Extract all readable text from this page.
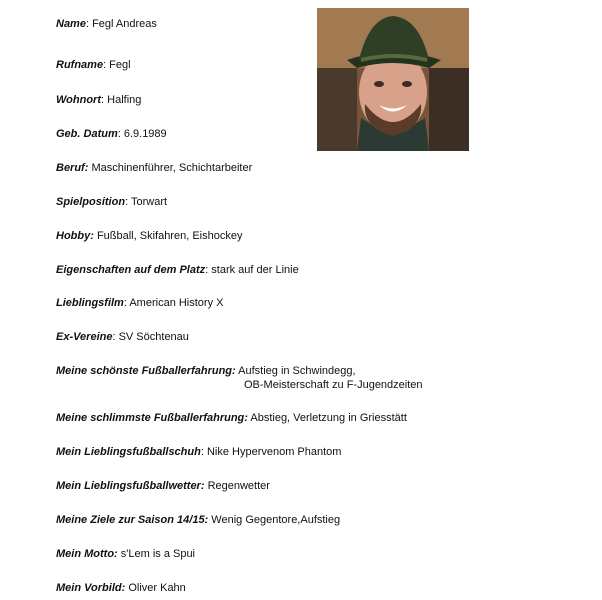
Name: Fegl Andreas
Rufname: Fegl
Wohnort: Halfing
Geb. Datum: 6.9.1989
Beruf: Maschinenführer, Schichtarbeiter
Spielposition: Torwart
Hobby: Fußball, Skifahren, Eishockey
Eigenschaften auf dem Platz: stark auf der Linie
Lieblingsfilm: American History X
Ex-Vereine: SV Söchtenau
Meine schönste Fußballerfahrung: Aufstieg in Schwindegg,
OB-Meisterschaft zu F-Jugendzeiten
Meine schlimmste Fußballerfahrung: Abstieg, Verletzung in Griesstätt
Mein Lieblingsfußballschuh: Nike Hypervenom Phantom
Mein Lieblingsfußballwetter: Regenwetter
Meine Ziele zur Saison 14/15: Wenig Gegentore,Aufstieg
Mein Motto: s'Lem is a Spui
Mein Vorbild: Oliver Kahn
